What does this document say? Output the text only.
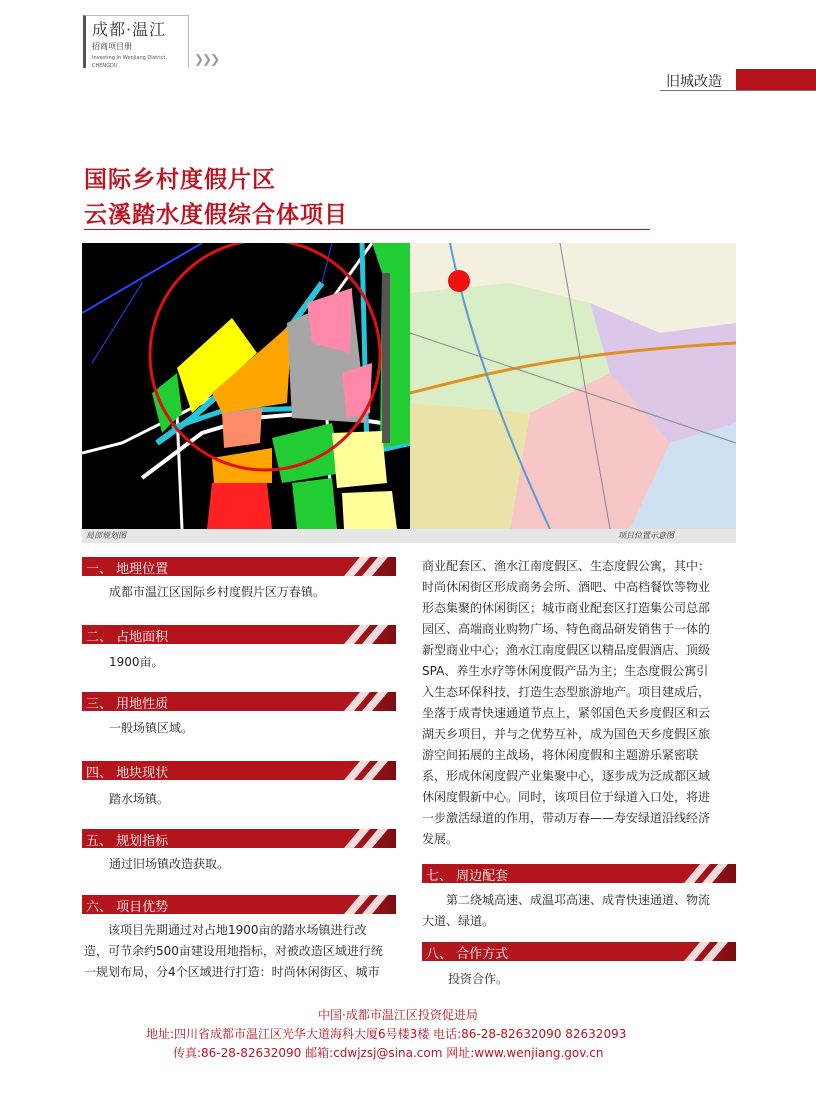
成都·温江
招商项目册
Investing in Wenjiang District,
CHENGDU	❯❯❯
旧城改造
国际乡村度假片区
云溪踏水度假综合体项目
局部规划图	项目位置示意图
一、 地理位置
成都市温江区国际乡村度假片区万春镇。
二、 占地面积
1900亩。
三、 用地性质
一般场镇区域。
四、 地块现状
踏水场镇。
五、 规划指标
通过旧场镇改造获取。
六、 项目优势
该项目先期通过对占地1900亩的踏水场镇进行改
造，可节余约500亩建设用地指标，对被改造区域进行统
一规划布局，分4个区域进行打造：时尚休闲街区、城市
商业配套区、渔水江南度假区、生态度假公寓，其中：
时尚休闲街区形成商务会所、酒吧、中高档餐饮等物业
形态集聚的休闲街区；城市商业配套区打造集公司总部
园区、高端商业购物广场、特色商品研发销售于一体的
新型商业中心；渔水江南度假区以精品度假酒店、顶级
SPA、养生水疗等休闲度假产品为主；生态度假公寓引
入生态环保科技，打造生态型旅游地产。项目建成后，
坐落于成青快速通道节点上，紧邻国色天乡度假区和云
湖天乡项目，并与之优势互补，成为国色天乡度假区旅
游空间拓展的主战场，将休闲度假和主题游乐紧密联
系，形成休闲度假产业集聚中心，逐步成为泛成都区域
休闲度假新中心。同时，该项目位于绿道入口处，将进
一步激活绿道的作用，带动万春——寿安绿道沿线经济
发展。
七、 周边配套
第二绕城高速、成温邛高速、成青快速通道、物流
大道、绿道。
八、 合作方式
投资合作。
中国·成都市温江区投资促进局
地址:四川省成都市温江区光华大道海科大厦6号楼3楼 电话:86-28-82632090 82632093
传真:86-28-82632090 邮箱:cdwjzsj@sina.com 网址:www.wenjiang.gov.cn
